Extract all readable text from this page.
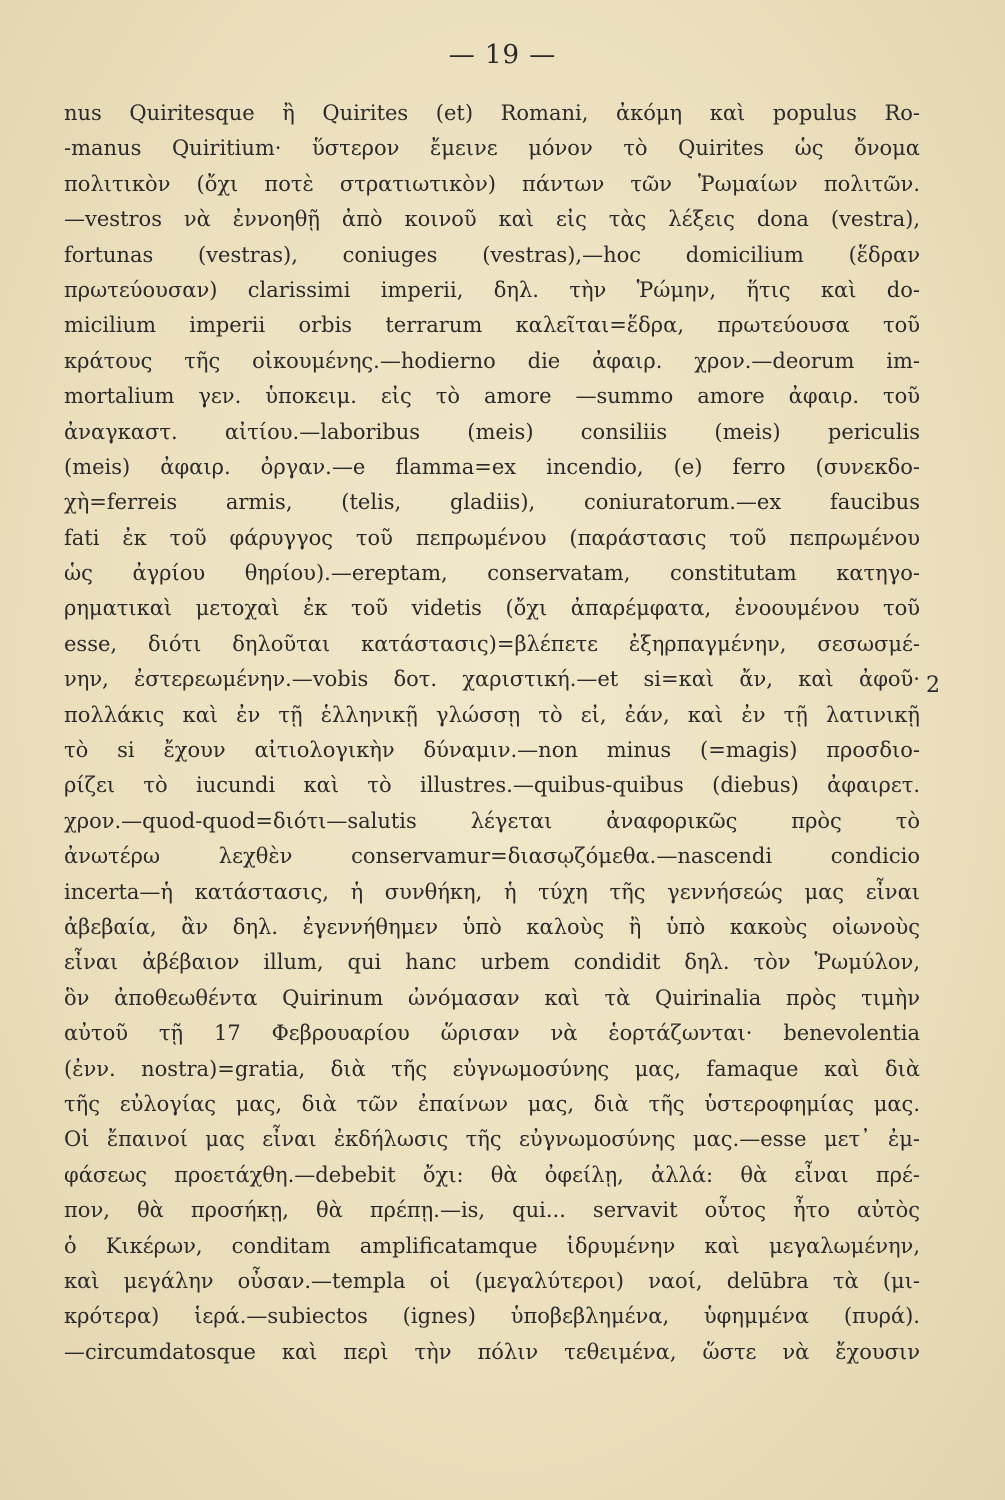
— 19 —
nus Quiritesque ἢ Quirites (et) Romani, ἀκόμη καὶ populus Ro-
-manus Quiritium· ὕστερον ἔμεινε μόνον τὸ Quirites ὡς ὄνομα
πολιτικὸν (ὄχι ποτὲ στρατιωτικὸν) πάντων τῶν Ῥωμαίων πολιτῶν.
—vestros νὰ ἐννοηθῇ ἀπὸ κοινοῦ καὶ εἰς τὰς λέξεις dona (vestra),
fortunas (vestras), coniuges (vestras),—hoc domicilium (ἕδραν
πρωτεύουσαν) clarissimi imperii, δηλ. τὴν Ῥώμην, ἥτις καὶ do-
micilium imperii orbis terrarum καλεῖται=ἕδρα, πρωτεύουσα τοῦ
κράτους τῆς οἰκουμένης.—hodierno die ἀφαιρ. χρον.—deorum im-
mortalium γεν. ὑποκειμ. εἰς τὸ amore —summo amore ἀφαιρ. τοῦ
ἀναγκαστ. αἰτίου.—laboribus (meis) consiliis (meis) periculis
(meis) ἀφαιρ. ὀργαν.—e flamma=ex incendio, (e) ferro (συνεκδο-
χὴ=ferreis armis, (telis, gladiis), coniuratorum.—ex faucibus
fati ἐκ τοῦ φάρυγγος τοῦ πεπρωμένου (παράστασις τοῦ πεπρωμένου
ὡς ἀγρίου θηρίου).—ereptam, conservatam, constitutam κατηγο-
ρηματικαὶ μετοχαὶ ἐκ τοῦ videtis (ὄχι ἀπαρέμφατα, ἐνοουμένου τοῦ
esse, διότι δηλοῦται κατάστασις)=βλέπετε ἐξηρπαγμένην, σεσωσμέ-
νην, ἐστερεωμένην.—vobis δοτ. χαριστική.—et si=καὶ ἄν, καὶ ἀφοῦ·
πολλάκις καὶ ἐν τῇ ἑλληνικῇ γλώσσῃ τὸ εἰ, ἐάν, καὶ ἐν τῇ λατινικῇ
τὸ si ἔχουν αἰτιολογικὴν δύναμιν.—non minus (=magis) προσδιο-
ρίζει τὸ iucundi καὶ τὸ illustres.—quibus-quibus (diebus) ἀφαιρετ.
χρον.—quod-quod=διότι—salutis λέγεται ἀναφορικῶς πρὸς τὸ
ἀνωτέρω λεχθὲν conservamur=διασῳζόμεθα.—nascendi condicio
incerta—ἡ κατάστασις, ἡ συνθήκη, ἡ τύχη τῆς γεννήσεώς μας εἶναι
ἀβεβαία, ἂν δηλ. ἐγεννήθημεν ὑπὸ καλοὺς ἢ ὑπὸ κακοὺς οἰωνοὺς
εἶναι ἀβέβαιον illum, qui hanc urbem condidit δηλ. τὸν Ῥωμύλον,
ὃν ἀποθεωθέντα Quirinum ὠνόμασαν καὶ τὰ Quirinalia πρὸς τιμὴν
αὐτοῦ τῇ 17 Φεβρουαρίου ὥρισαν νὰ ἑορτάζωνται· benevolentia
(ἐνν. nostra)=gratia, διὰ τῆς εὐγνωμοσύνης μας, famaque καὶ διὰ
τῆς εὐλογίας μας, διὰ τῶν ἐπαίνων μας, διὰ τῆς ὑστεροφημίας μας.
Οἱ ἔπαινοί μας εἶναι ἐκδήλωσις τῆς εὐγνωμοσύνης μας.—esse μετ᾽ ἐμ-
φάσεως προετάχθη.—debebit ὄχι: θὰ ὀφείλῃ, ἀλλά: θὰ εἶναι πρέ-
πον, θὰ προσήκῃ, θὰ πρέπῃ.—is, qui... servavit οὗτος ἦτο αὐτὸς
ὁ Κικέρων, conditam amplificatamque ἱδρυμένην καὶ μεγαλωμένην,
καὶ μεγάλην οὖσαν.—templa οἱ (μεγαλύτεροι) ναοί, delūbra τὰ (μι-
κρότερα) ἱερά.—subiectos (ignes) ὑποβεβλημένα, ὑφημμένα (πυρά).
—circumdatosque καὶ περὶ τὴν πόλιν τεθειμένα, ὥστε νὰ ἔχουσιν
2
